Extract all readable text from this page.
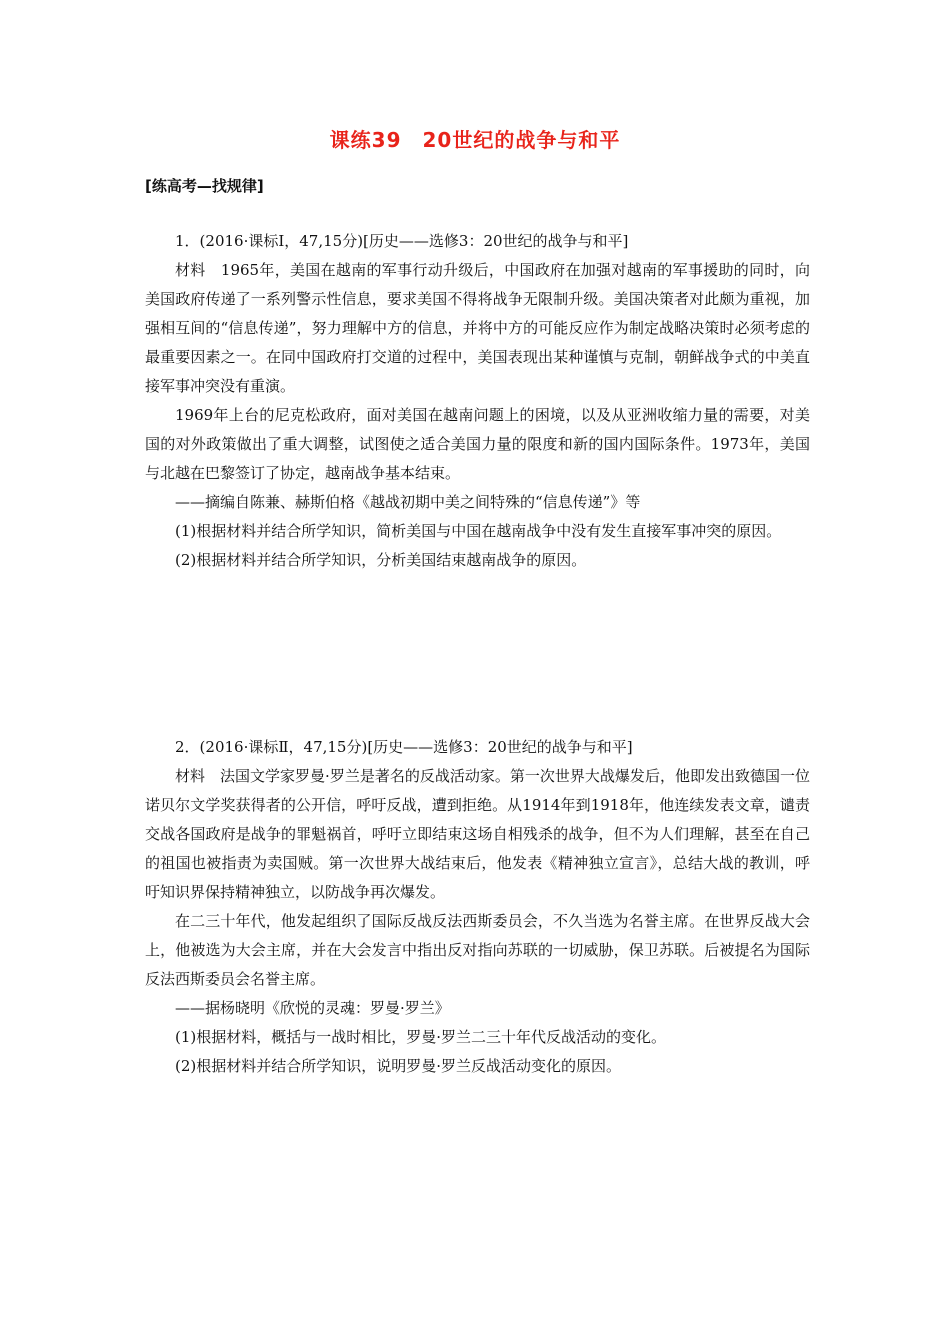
课练39　20世纪的战争与和平
[练高考—找规律]

1．(2016·课标Ⅰ，47,15分)[历史——选修3：20世纪的战争与和平]

材料　1965年，美国在越南的军事行动升级后，中国政府在加强对越南的军事援助的同时，向美国政府传递了一系列警示性信息，要求美国不得将战争无限制升级。美国决策者对此颇为重视，加强相互间的“信息传递”，努力理解中方的信息，并将中方的可能反应作为制定战略决策时必须考虑的最重要因素之一。在同中国政府打交道的过程中，美国表现出某种谨慎与克制，朝鲜战争式的中美直接军事冲突没有重演。

1969年上台的尼克松政府，面对美国在越南问题上的困境，以及从亚洲收缩力量的需要，对美国的对外政策做出了重大调整，试图使之适合美国力量的限度和新的国内国际条件。1973年，美国与北越在巴黎签订了协定，越南战争基本结束。

——摘编自陈兼、赫斯伯格《越战初期中美之间特殊的“信息传递”》等

(1)根据材料并结合所学知识，简析美国与中国在越南战争中没有发生直接军事冲突的原因。

(2)根据材料并结合所学知识，分析美国结束越南战争的原因。

2．(2016·课标Ⅱ，47,15分)[历史——选修3：20世纪的战争与和平]

材料　法国文学家罗曼·罗兰是著名的反战活动家。第一次世界大战爆发后，他即发出致德国一位诺贝尔文学奖获得者的公开信，呼吁反战，遭到拒绝。从1914年到1918年，他连续发表文章，谴责交战各国政府是战争的罪魁祸首，呼吁立即结束这场自相残杀的战争，但不为人们理解，甚至在自己的祖国也被指责为卖国贼。第一次世界大战结束后，他发表《精神独立宣言》，总结大战的教训，呼吁知识界保持精神独立，以防战争再次爆发。

在二三十年代，他发起组织了国际反战反法西斯委员会，不久当选为名誉主席。在世界反战大会上，他被选为大会主席，并在大会发言中指出反对指向苏联的一切威胁，保卫苏联。后被提名为国际反法西斯委员会名誉主席。

——据杨晓明《欣悦的灵魂：罗曼·罗兰》

(1)根据材料，概括与一战时相比，罗曼·罗兰二三十年代反战活动的变化。

(2)根据材料并结合所学知识，说明罗曼·罗兰反战活动变化的原因。
